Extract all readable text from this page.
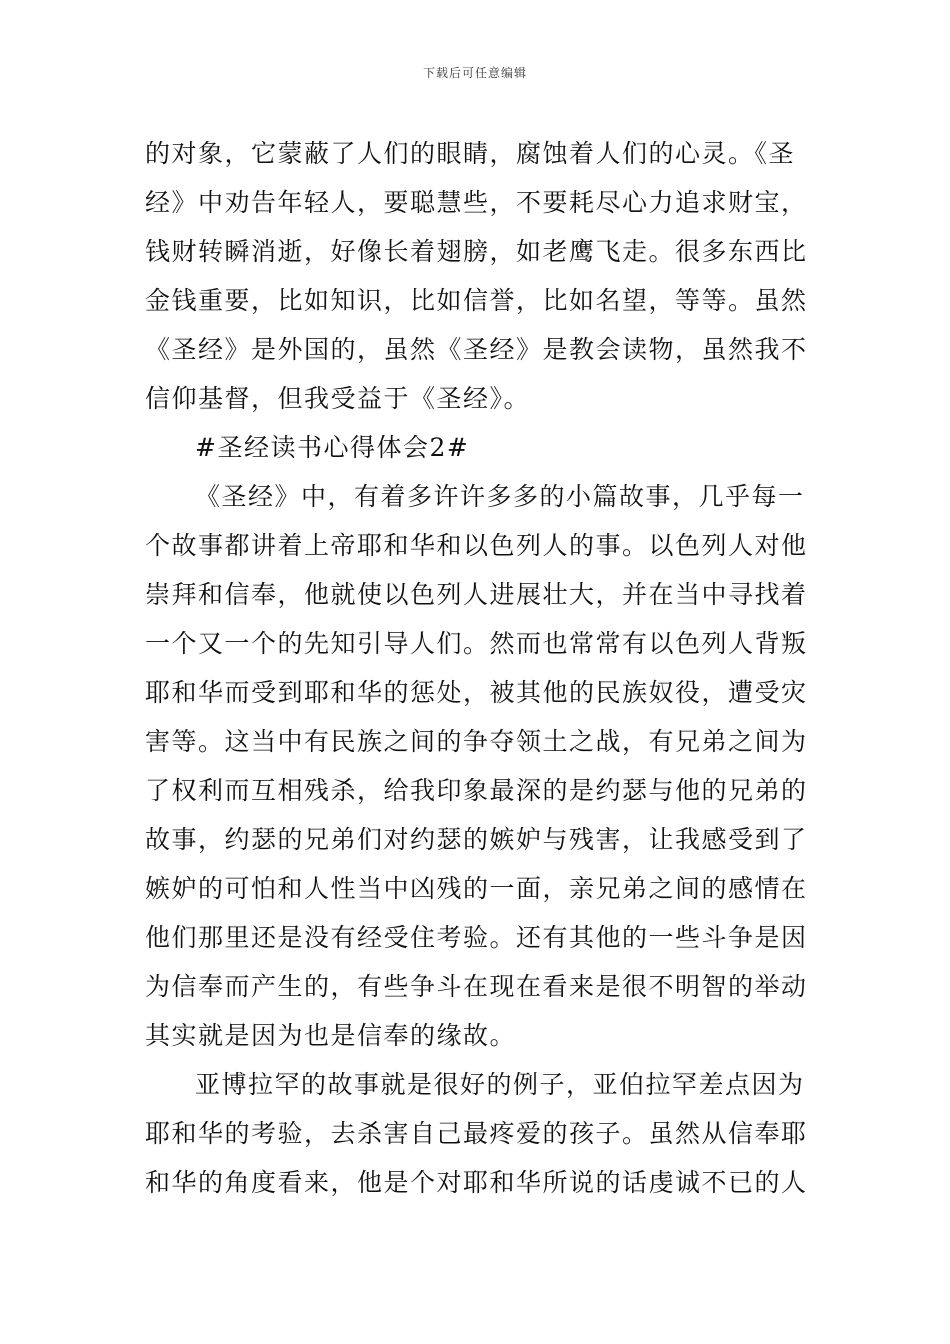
下载后可任意编辑
的对象，它蒙蔽了人们的眼睛，腐蚀着人们的心灵。《圣
经》中劝告年轻人，要聪慧些，不要耗尽心力追求财宝，
钱财转瞬消逝，好像长着翅膀，如老鹰飞走。很多东西比
金钱重要，比如知识，比如信誉，比如名望，等等。虽然
《圣经》是外国的，虽然《圣经》是教会读物，虽然我不
信仰基督，但我受益于《圣经》。
#圣经读书心得体会2#
《圣经》中，有着多许许多多的小篇故事，几乎每一
个故事都讲着上帝耶和华和以色列人的事。以色列人对他
崇拜和信奉，他就使以色列人进展壮大，并在当中寻找着
一个又一个的先知引导人们。然而也常常有以色列人背叛
耶和华而受到耶和华的惩处，被其他的民族奴役，遭受灾
害等。这当中有民族之间的争夺领土之战，有兄弟之间为
了权利而互相残杀，给我印象最深的是约瑟与他的兄弟的
故事，约瑟的兄弟们对约瑟的嫉妒与残害，让我感受到了
嫉妒的可怕和人性当中凶残的一面，亲兄弟之间的感情在
他们那里还是没有经受住考验。还有其他的一些斗争是因
为信奉而产生的，有些争斗在现在看来是很不明智的举动
其实就是因为也是信奉的缘故。
亚博拉罕的故事就是很好的例子，亚伯拉罕差点因为
耶和华的考验，去杀害自己最疼爱的孩子。虽然从信奉耶
和华的角度看来，他是个对耶和华所说的话虔诚不已的人
